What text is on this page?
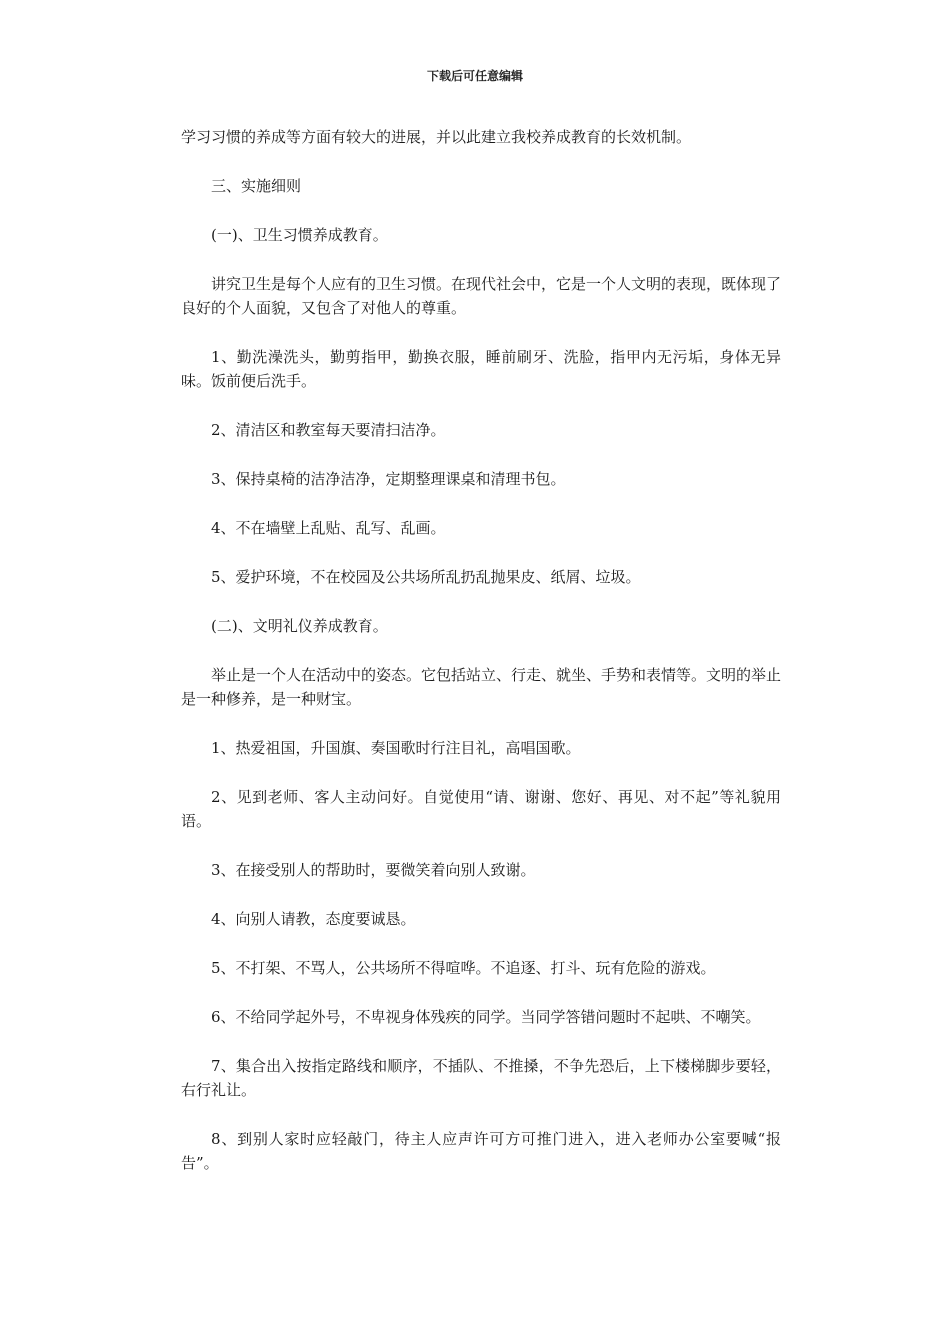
下载后可任意编辑

学习习惯的养成等方面有较大的进展，并以此建立我校养成教育的长效机制。

三、实施细则

(一)、卫生习惯养成教育。

讲究卫生是每个人应有的卫生习惯。在现代社会中，它是一个人文明的表现，既体现了良好的个人面貌，又包含了对他人的尊重。

1、勤洗澡洗头，勤剪指甲，勤换衣服，睡前刷牙、洗脸，指甲内无污垢，身体无异味。饭前便后洗手。

2、清洁区和教室每天要清扫洁净。

3、保持桌椅的洁净洁净，定期整理课桌和清理书包。

4、不在墙壁上乱贴、乱写、乱画。

5、爱护环境，不在校园及公共场所乱扔乱抛果皮、纸屑、垃圾。

(二)、文明礼仪养成教育。

举止是一个人在活动中的姿态。它包括站立、行走、就坐、手势和表情等。文明的举止是一种修养，是一种财宝。

1、热爱祖国，升国旗、奏国歌时行注目礼，高唱国歌。

2、见到老师、客人主动问好。自觉使用“请、谢谢、您好、再见、对不起”等礼貌用语。

3、在接受别人的帮助时，要微笑着向别人致谢。

4、向别人请教，态度要诚恳。

5、不打架、不骂人，公共场所不得喧哗。不追逐、打斗、玩有危险的游戏。

6、不给同学起外号，不卑视身体残疾的同学。当同学答错问题时不起哄、不嘲笑。

7、集合出入按指定路线和顺序，不插队、不推搡，不争先恐后，上下楼梯脚步要轻，右行礼让。

8、到别人家时应轻敲门，待主人应声许可方可推门进入，进入老师办公室要喊“报告”。
